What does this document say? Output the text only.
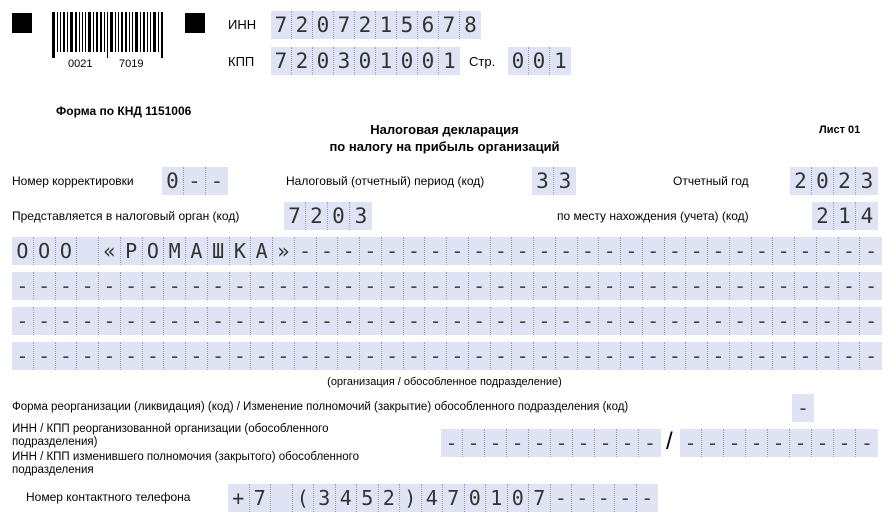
0021 7019
ИНН 7 2 0 7 2 1 5 6 7 8
КПП 7 2 0 3 0 1 0 0 1	Стр. 0 0 1
Форма по КНД 1151006
Налоговая декларация
по налогу на прибыль организаций
Лист 01
Номер корректировки 0 - -	Налоговый (отчетный) период (код) 3 3	Отчетный год 2 0 2 3
Представляется в налоговый орган (код) 7 2 0 3	по месту нахождения (учета) (код)	2 1 4
О О О « Р О М А Ш К А » - - - - - - - - - - - - - - - - - - - - - - - - - - -
- - - - - - - - - - - - - - - - - - - - - - - - - - - - - - - - - - - - - - - -
- - - - - - - - - - - - - - - - - - - - - - - - - - - - - - - - - - - - - - - -
- - - - - - - - - - - - - - - - - - - - - - - - - - - - - - - - - - - - - - - -
(организация / обособленное подразделение)
Форма реорганизации (ликвидация) (код) / Изменение полномочий (закрытие) обособленного подразделения (код)	-
ИНН / КПП реорганизованной организации (обособленного
подразделения)
ИНН / КПП изменившего полномочия (закрытого) обособленного
подразделения
- - - - - - - - - - / - - - - - - - - -
Номер контактного телефона + 7 ( 3 4 5 2 ) 4 7 0 1 0 7 - - - - -
